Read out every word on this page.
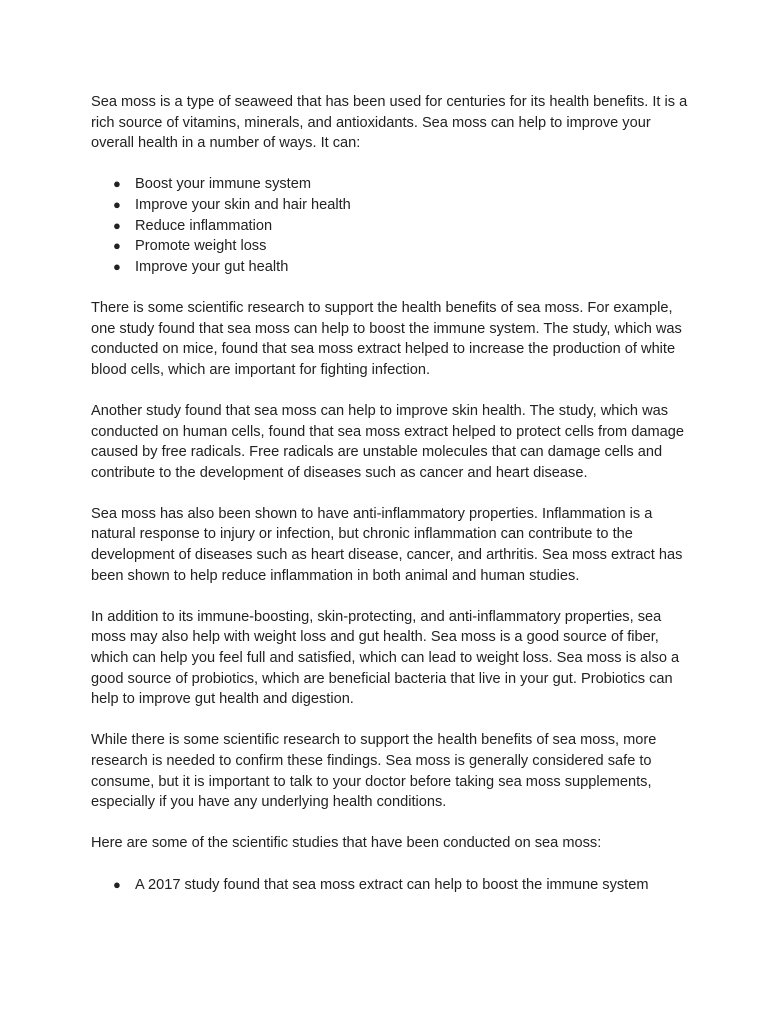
Sea moss is a type of seaweed that has been used for centuries for its health benefits. It is a rich source of vitamins, minerals, and antioxidants. Sea moss can help to improve your overall health in a number of ways. It can:

● Boost your immune system
● Improve your skin and hair health
● Reduce inflammation
● Promote weight loss
● Improve your gut health

There is some scientific research to support the health benefits of sea moss. For example, one study found that sea moss can help to boost the immune system. The study, which was conducted on mice, found that sea moss extract helped to increase the production of white blood cells, which are important for fighting infection.

Another study found that sea moss can help to improve skin health. The study, which was conducted on human cells, found that sea moss extract helped to protect cells from damage caused by free radicals. Free radicals are unstable molecules that can damage cells and contribute to the development of diseases such as cancer and heart disease.

Sea moss has also been shown to have anti-inflammatory properties. Inflammation is a natural response to injury or infection, but chronic inflammation can contribute to the development of diseases such as heart disease, cancer, and arthritis. Sea moss extract has been shown to help reduce inflammation in both animal and human studies.

In addition to its immune-boosting, skin-protecting, and anti-inflammatory properties, sea moss may also help with weight loss and gut health. Sea moss is a good source of fiber, which can help you feel full and satisfied, which can lead to weight loss. Sea moss is also a good source of probiotics, which are beneficial bacteria that live in your gut. Probiotics can help to improve gut health and digestion.

While there is some scientific research to support the health benefits of sea moss, more research is needed to confirm these findings. Sea moss is generally considered safe to consume, but it is important to talk to your doctor before taking sea moss supplements, especially if you have any underlying health conditions.

Here are some of the scientific studies that have been conducted on sea moss:

● A 2017 study found that sea moss extract can help to boost the immune system
